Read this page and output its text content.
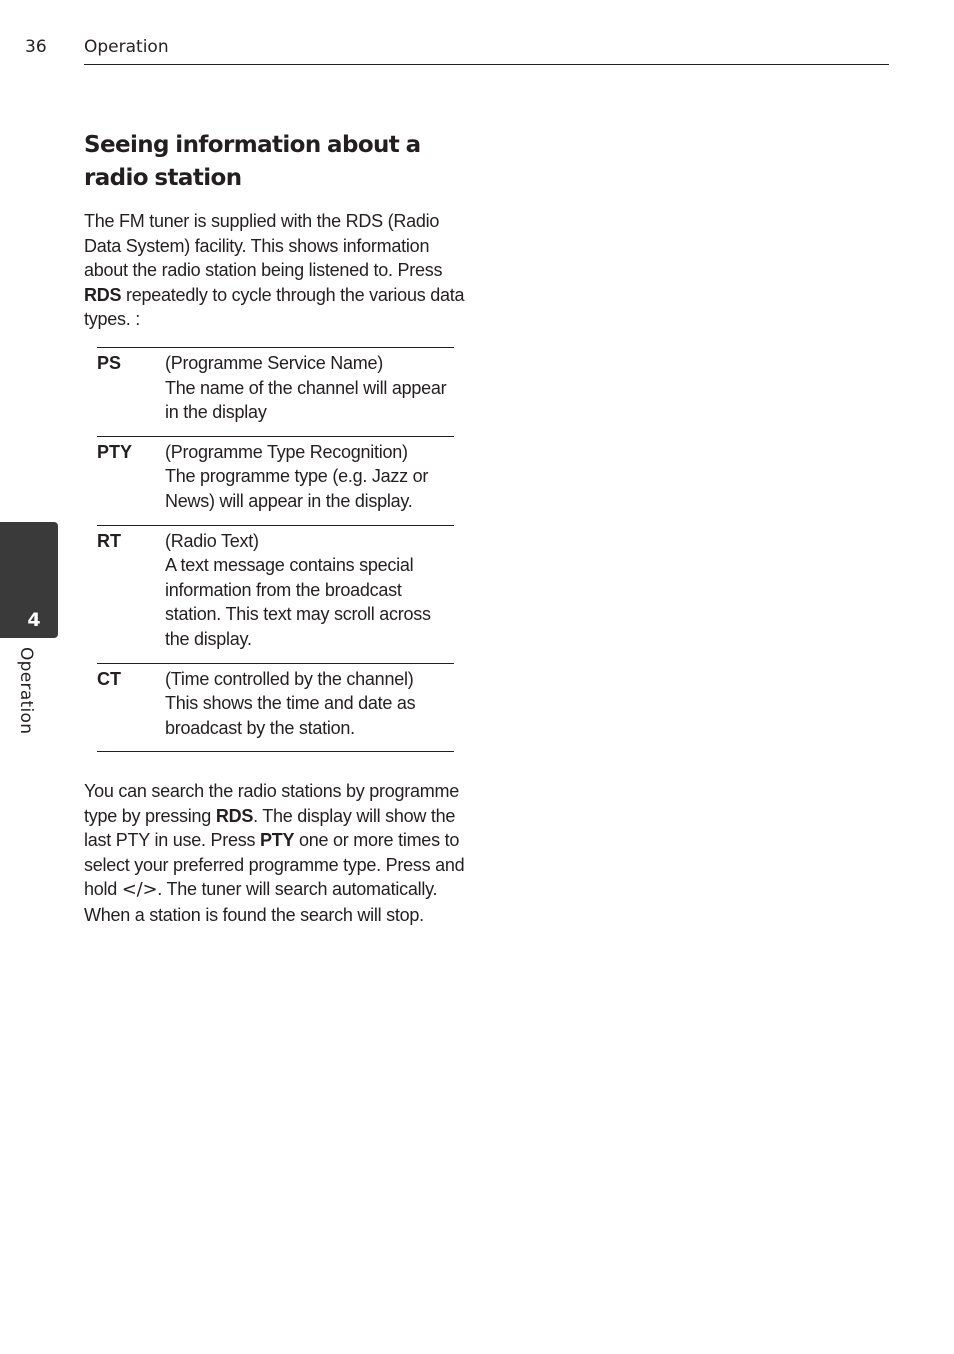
36 Operation
4
Operation
Seeing information about a radio station

The FM tuner is supplied with the RDS (Radio Data System) facility. This shows information about the radio station being listened to. Press RDS repeatedly to cycle through the various data types. :

PS	(Programme Service Name)
The name of the channel will appear in the display
PTY	(Programme Type Recognition)
The programme type (e.g. Jazz or News) will appear in the display.
RT	(Radio Text)
A text message contains special information from the broadcast station. This text may scroll across the display.
CT	(Time controlled by the channel)
This shows the time and date as broadcast by the station.

You can search the radio stations by programme type by pressing RDS. The display will show the last PTY in use. Press PTY one or more times to select your preferred programme type. Press and hold </>. The tuner will search automatically. When a station is found the search will stop.
